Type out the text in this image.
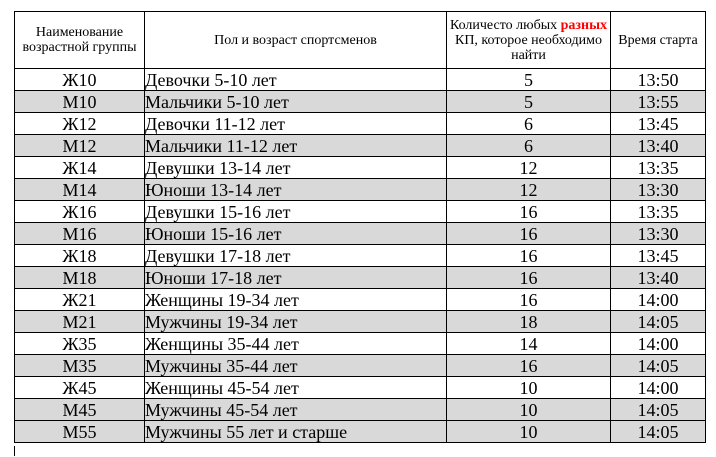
Наименование возрастной группы	Пол и возраст спортсменов	Количесто любых разных КП, которое необходимо найти	Время старта
Ж10	Девочки 5-10 лет	5	13:50
М10	Мальчики 5-10 лет	5	13:55
Ж12	Девочки 11-12 лет	6	13:45
М12	Мальчики 11-12 лет	6	13:40
Ж14	Девушки 13-14 лет	12	13:35
М14	Юноши 13-14 лет	12	13:30
Ж16	Девушки 15-16 лет	16	13:35
М16	Юноши 15-16 лет	16	13:30
Ж18	Девушки 17-18 лет	16	13:45
М18	Юноши 17-18 лет	16	13:40
Ж21	Женщины 19-34 лет	16	14:00
М21	Мужчины 19-34 лет	18	14:05
Ж35	Женщины 35-44 лет	14	14:00
М35	Мужчины 35-44 лет	16	14:05
Ж45	Женщины 45-54 лет	10	14:00
М45	Мужчины 45-54 лет	10	14:05
М55	Мужчины 55 лет и старше	10	14:05
